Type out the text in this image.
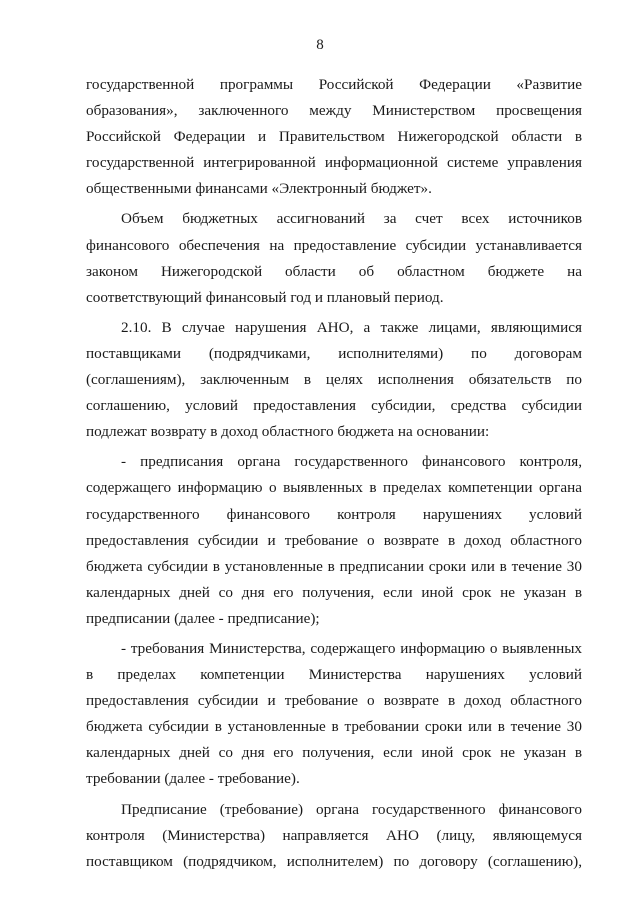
8
государственной программы Российской Федерации «Развитие
образования», заключенного между Министерством просвещения
Российской Федерации и Правительством Нижегородской области в
государственной интегрированной информационной системе управления
общественными финансами «Электронный бюджет».
Объем бюджетных ассигнований за счет всех источников
финансового обеспечения на предоставление субсидии устанавливается
законом Нижегородской области об областном бюджете на
соответствующий финансовый год и плановый период.
2.10. В случае нарушения АНО, а также лицами, являющимися
поставщиками (подрядчиками, исполнителями) по договорам
(соглашениям), заключенным в целях исполнения обязательств по
соглашению, условий предоставления субсидии, средства субсидии
подлежат возврату в доход областного бюджета на основании:
- предписания органа государственного финансового контроля,
содержащего информацию о выявленных в пределах компетенции органа
государственного финансового контроля нарушениях условий
предоставления субсидии и требование о возврате в доход областного
бюджета субсидии в установленные в предписании сроки или в течение 30
календарных дней со дня его получения, если иной срок не указан в
предписании (далее - предписание);
- требования Министерства, содержащего информацию о выявленных
в пределах компетенции Министерства нарушениях условий
предоставления субсидии и требование о возврате в доход областного
бюджета субсидии в установленные в требовании сроки или в течение 30
календарных дней со дня его получения, если иной срок не указан в
требовании (далее - требование).
Предписание (требование) органа государственного финансового
контроля (Министерства) направляется АНО (лицу, являющемуся
поставщиком (подрядчиком, исполнителем) по договору (соглашению),
